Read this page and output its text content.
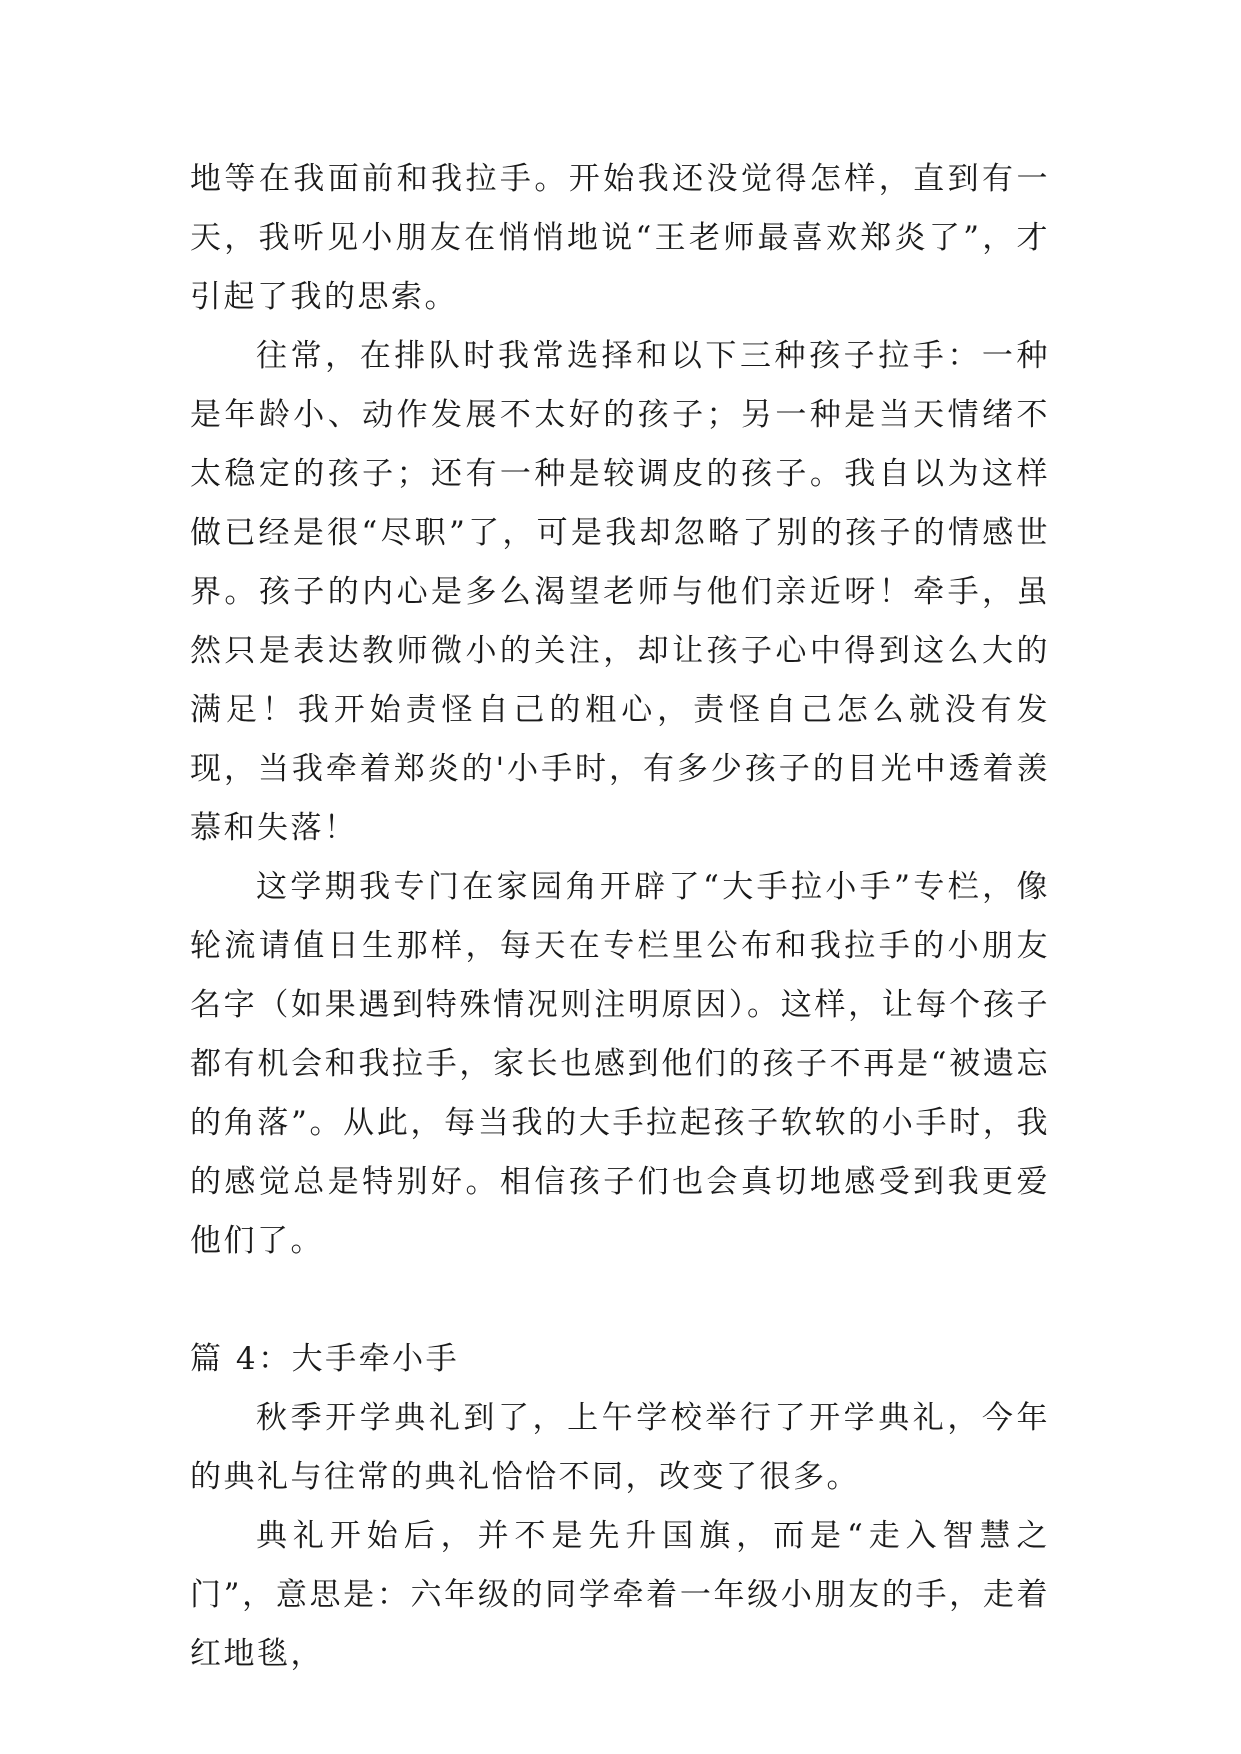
地等在我面前和我拉手。开始我还没觉得怎样，直到有一天，我听见小朋友在悄悄地说“王老师最喜欢郑炎了”，才引起了我的思索。

往常，在排队时我常选择和以下三种孩子拉手：一种是年龄小、动作发展不太好的孩子；另一种是当天情绪不太稳定的孩子；还有一种是较调皮的孩子。我自以为这样做已经是很“尽职”了，可是我却忽略了别的孩子的情感世界。孩子的内心是多么渴望老师与他们亲近呀！牵手，虽然只是表达教师微小的关注，却让孩子心中得到这么大的满足！我开始责怪自己的粗心，责怪自己怎么就没有发现，当我牵着郑炎的'小手时，有多少孩子的目光中透着羡慕和失落！

这学期我专门在家园角开辟了“大手拉小手”专栏，像轮流请值日生那样，每天在专栏里公布和我拉手的小朋友名字（如果遇到特殊情况则注明原因）。这样，让每个孩子都有机会和我拉手，家长也感到他们的孩子不再是“被遗忘的角落”。从此，每当我的大手拉起孩子软软的小手时，我的感觉总是特别好。相信孩子们也会真切地感受到我更爱他们了。

篇 4：大手牵小手

秋季开学典礼到了，上午学校举行了开学典礼，今年的典礼与往常的典礼恰恰不同，改变了很多。

典礼开始后，并不是先升国旗，而是“走入智慧之门”，意思是：六年级的同学牵着一年级小朋友的手，走着红地毯，
